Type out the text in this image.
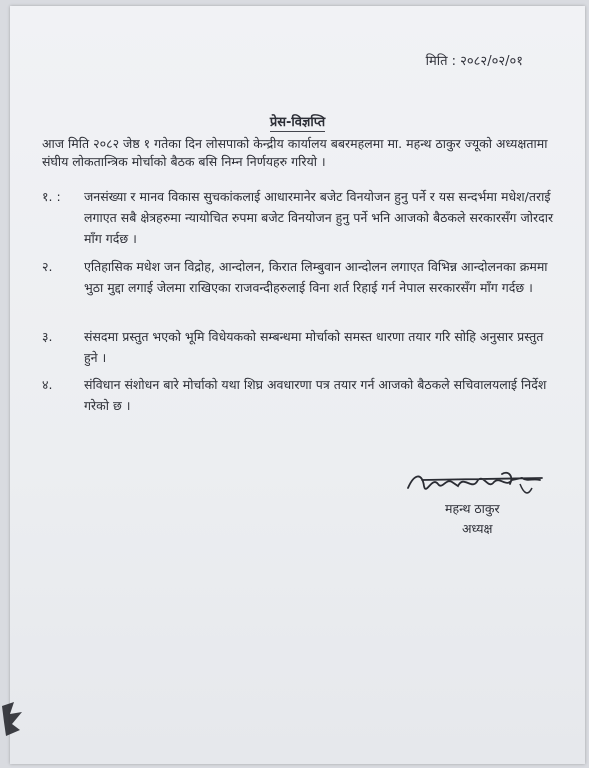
मिति : २०८२/०२/०१
प्रेस-विज्ञप्ति
आज मिति २०८२ जेष्ठ १ गतेका दिन लोसपाको केन्द्रीय कार्यालय बबरमहलमा मा. महन्थ ठाकुर ज्यूको अध्यक्षतामा संघीय लोकतान्त्रिक मोर्चाको बैठक बसि निम्न निर्णयहरु गरियो ।
१. :	जनसंख्या र मानव विकास सुचकांकलाई आधारमानेर बजेट विनयोजन हुनु पर्ने र यस सन्दर्भमा मधेश/तराई लगाएत सबै क्षेत्रहरुमा न्यायोचित रुपमा बजेट विनयोजन हुनु पर्ने भनि आजको बैठकले सरकारसँग जोरदार माँग गर्दछ ।
२.	एतिहासिक मधेश जन विद्रोह, आन्दोलन, किरात लिम्बुवान आन्दोलन लगाएत विभिन्न आन्दोलनका क्रममा भुठा मुद्दा लगाई जेलमा राखिएका राजवन्दीहरुलाई विना शर्त रिहाई गर्न नेपाल सरकारसँग माँग गर्दछ ।
३.	संसदमा प्रस्तुत भएको भूमि विधेयकको सम्बन्धमा मोर्चाको समस्त धारणा तयार गरि सोहि अनुसार प्रस्तुत हुने ।
४.	संविधान संशोधन बारे मोर्चाको यथा शिघ्र अवधारणा पत्र तयार गर्न आजको बैठकले सचिवालयलाई निर्देश गरेको छ ।
महन्थ ठाकुर
अध्यक्ष
